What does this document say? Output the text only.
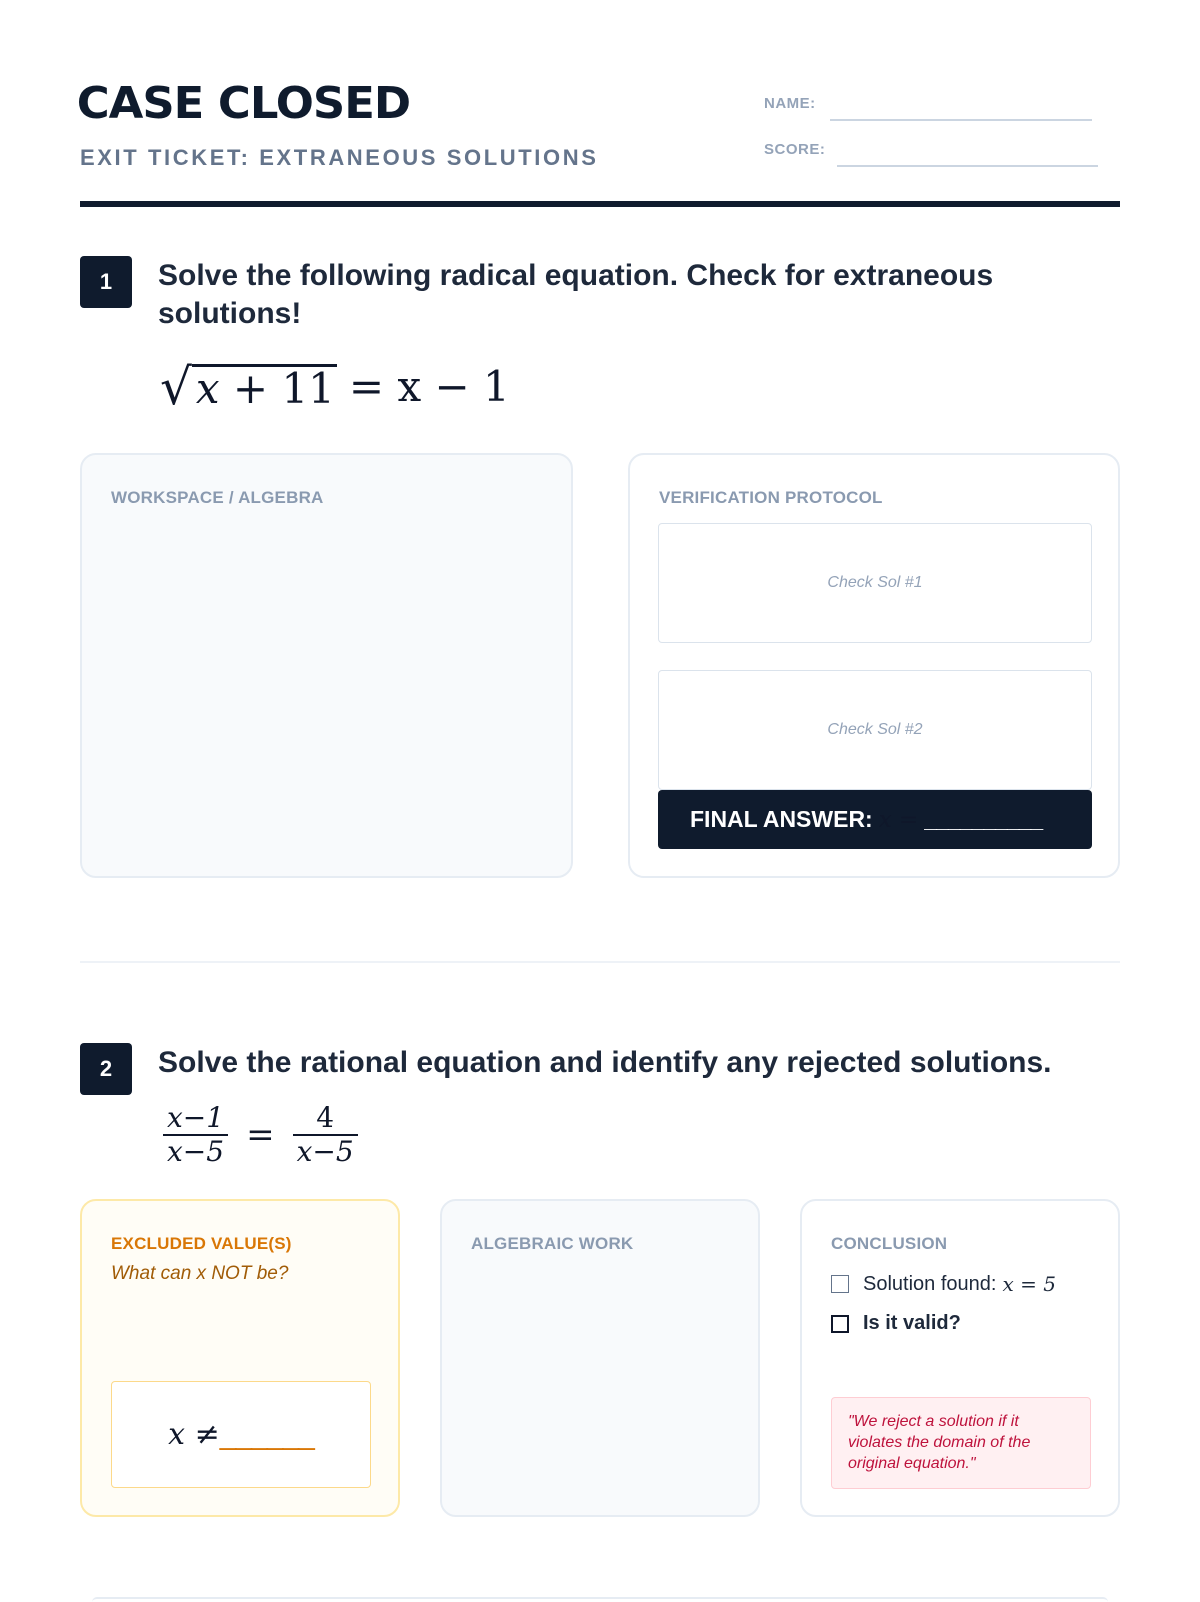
CASE CLOSED
EXIT TICKET: EXTRANEOUS SOLUTIONS
NAME:
SCORE:
1	Solve the following radical equation. Check for extraneous solutions!
√ x + 11 = x − 1
WORKSPACE / ALGEBRA	VERIFICATION PROTOCOL
Check Sol #1
Check Sol #2
FINAL ANSWER: x = __________
2	Solve the rational equation and identify any rejected solutions.
$\frac{x-1}{x-5} = \frac{4}{x-5}$
EXCLUDED VALUE(S)
What can x NOT be?
x ≠ ______
ALGEBRAIC WORK	CONCLUSION
Solution found: x = 5
Is it valid?
"We reject a solution if it violates the domain of the original equation."
